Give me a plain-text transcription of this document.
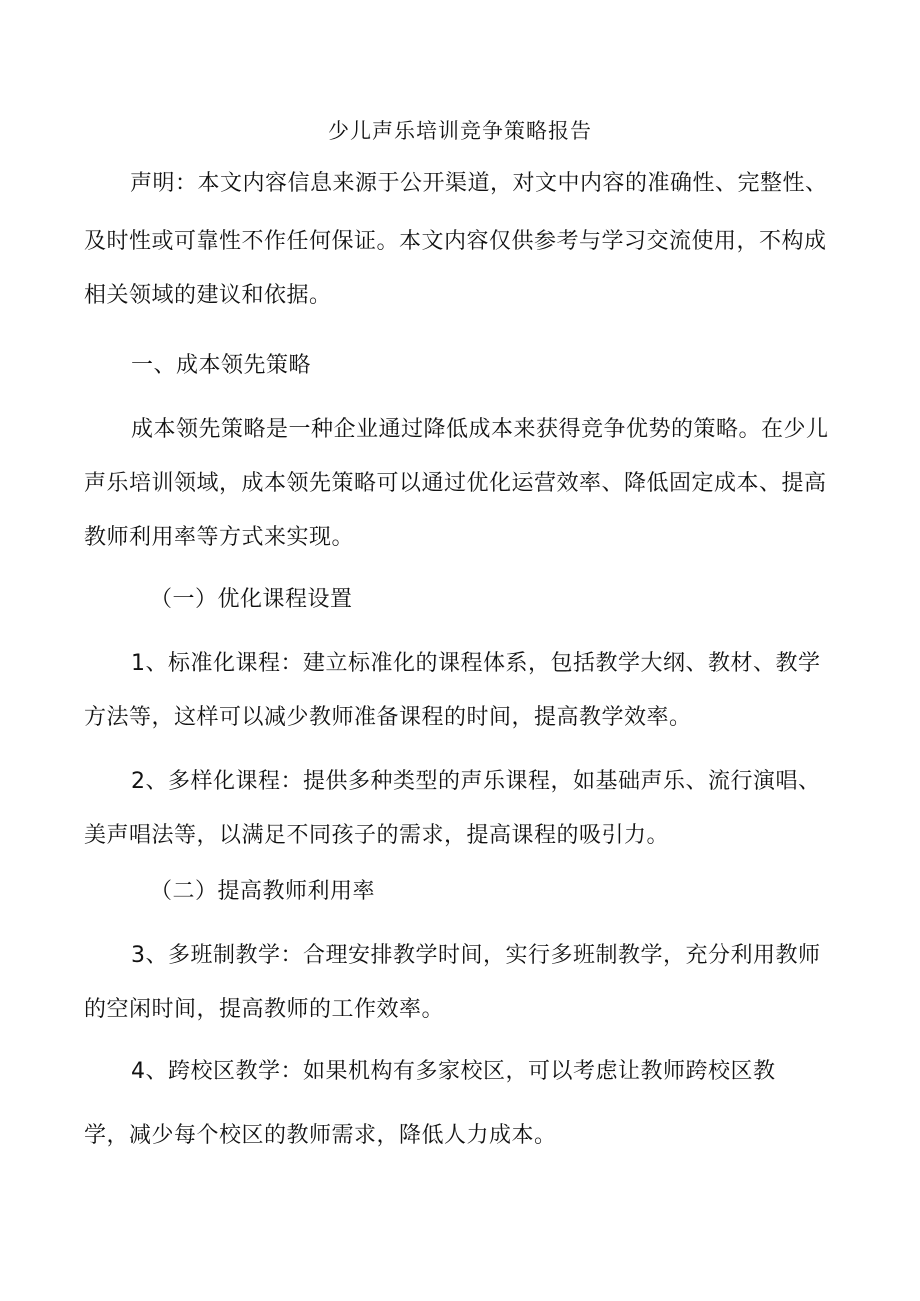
少儿声乐培训竞争策略报告
声明：本文内容信息来源于公开渠道，对文中内容的准确性、完整性、
及时性或可靠性不作任何保证。本文内容仅供参考与学习交流使用，不构成
相关领域的建议和依据。
一、成本领先策略
成本领先策略是一种企业通过降低成本来获得竞争优势的策略。在少儿
声乐培训领域，成本领先策略可以通过优化运营效率、降低固定成本、提高
教师利用率等方式来实现。
（一）优化课程设置
1、标准化课程：建立标准化的课程体系，包括教学大纲、教材、教学
方法等，这样可以减少教师准备课程的时间，提高教学效率。
2、多样化课程：提供多种类型的声乐课程，如基础声乐、流行演唱、
美声唱法等，以满足不同孩子的需求，提高课程的吸引力。
（二）提高教师利用率
3、多班制教学：合理安排教学时间，实行多班制教学，充分利用教师
的空闲时间，提高教师的工作效率。
4、跨校区教学：如果机构有多家校区，可以考虑让教师跨校区教
学，减少每个校区的教师需求，降低人力成本。
